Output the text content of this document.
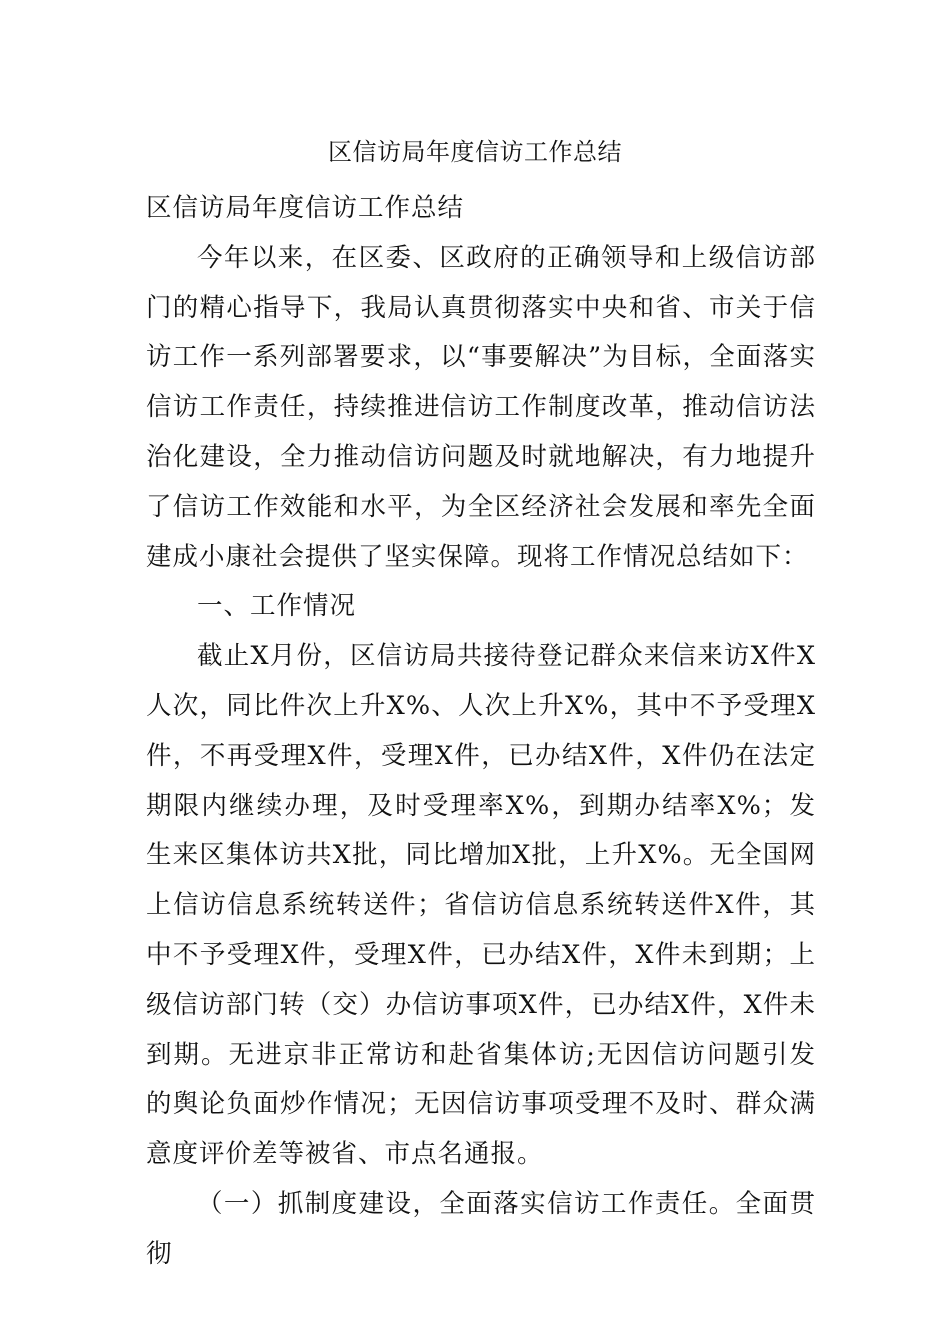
区信访局年度信访工作总结

区信访局年度信访工作总结

今年以来，在区委、区政府的正确领导和上级信访部门的精心指导下，我局认真贯彻落实中央和省、市关于信访工作一系列部署要求，以“事要解决”为目标，全面落实信访工作责任，持续推进信访工作制度改革，推动信访法治化建设，全力推动信访问题及时就地解决，有力地提升了信访工作效能和水平，为全区经济社会发展和率先全面建成小康社会提供了坚实保障。现将工作情况总结如下：

一、工作情况

截止X月份，区信访局共接待登记群众来信来访X件X人次，同比件次上升X%、人次上升X%，其中不予受理X件，不再受理X件，受理X件，已办结X件，X件仍在法定期限内继续办理，及时受理率X%，到期办结率X%；发生来区集体访共X批，同比增加X批，上升X%。无全国网上信访信息系统转送件；省信访信息系统转送件X件，其中不予受理X件，受理X件，已办结X件，X件未到期；上级信访部门转（交）办信访事项X件，已办结X件，X件未到期。无进京非正常访和赴省集体访;无因信访问题引发的舆论负面炒作情况；无因信访事项受理不及时、群众满意度评价差等被省、市点名通报。

（一）抓制度建设，全面落实信访工作责任。全面贯彻
